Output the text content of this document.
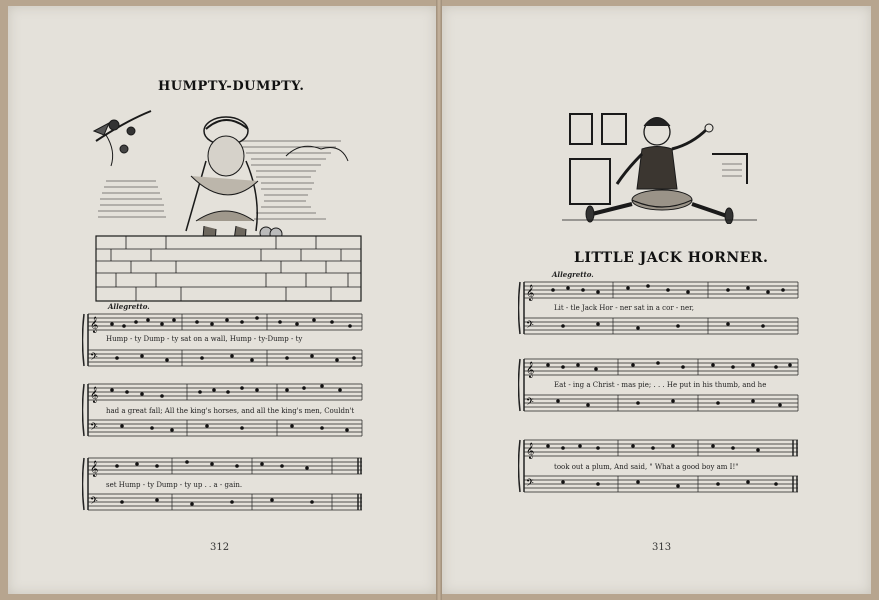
HUMPTY-DUMPTY.
Allegretto.
𝄞
𝄢
Hump - ty Dump - ty sat on a wall, Hump - ty-Dump - ty
𝄞
𝄢
had a great fall; All the king's horses, and all the king's men, Couldn't
𝄞
𝄢
set Hump - ty Dump - ty up . . a - gain.
312
LITTLE JACK HORNER.
Allegretto.
𝄞
𝄢
Lit - tle Jack Hor - ner sat in a cor - ner,
𝄞
𝄢
Eat - ing a Christ - mas pie; . . . He put in his thumb, and he
𝄞
𝄢
took out a plum, And said, " What a good boy am I!"
313
